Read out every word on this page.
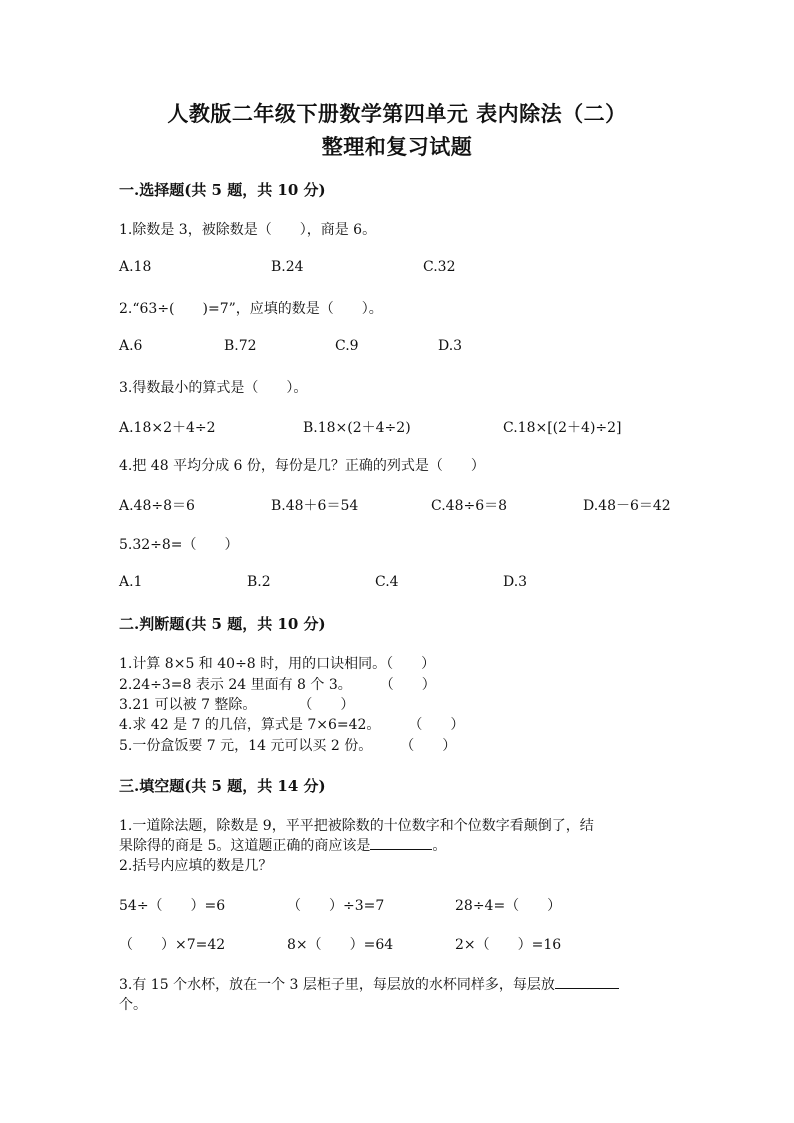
人教版二年级下册数学第四单元 表内除法（二）
整理和复习试题
一.选择题(共 5 题，共 10 分)
1.除数是 3，被除数是（　　），商是 6。
A.18	B.24	C.32
2.“63÷(　　)=7”，应填的数是（　　）。
A.6	B.72	C.9	D.3
3.得数最小的算式是（　　）。
A.18×2＋4÷2	B.18×(2＋4÷2)	C.18×[(2＋4)÷2]
4.把 48 平均分成 6 份，每份是几？正确的列式是（　　）
A.48÷8＝6	B.48＋6＝54	C.48÷6＝8	D.48－6＝42
5.32÷8=（　　）
A.1	B.2	C.4	D.3
二.判断题(共 5 题，共 10 分)
1.计算 8×5 和 40÷8 时，用的口诀相同。（　　）
2.24÷3=8 表示 24 里面有 8 个 3。　　　（　　）
3.21 可以被 7 整除。　　　　（　　）
4.求 42 是 7 的几倍，算式是 7×6=42。　　　（　　）
5.一份盒饭要 7 元，14 元可以买 2 份。　　　（　　）
三.填空题(共 5 题，共 14 分)
1.一道除法题，除数是 9，平平把被除数的十位数字和个位数字看颠倒了，结
果除得的商是 5。这道题正确的商应该是	。
2.括号内应填的数是几？
54÷（　　）=6	（　　）÷3=7	28÷4=（　　）
（　　）×7=42	8×（　　）=64	2×（　　）=16
3.有 15 个水杯，放在一个 3 层柜子里，每层放的水杯同样多，每层放
个。
